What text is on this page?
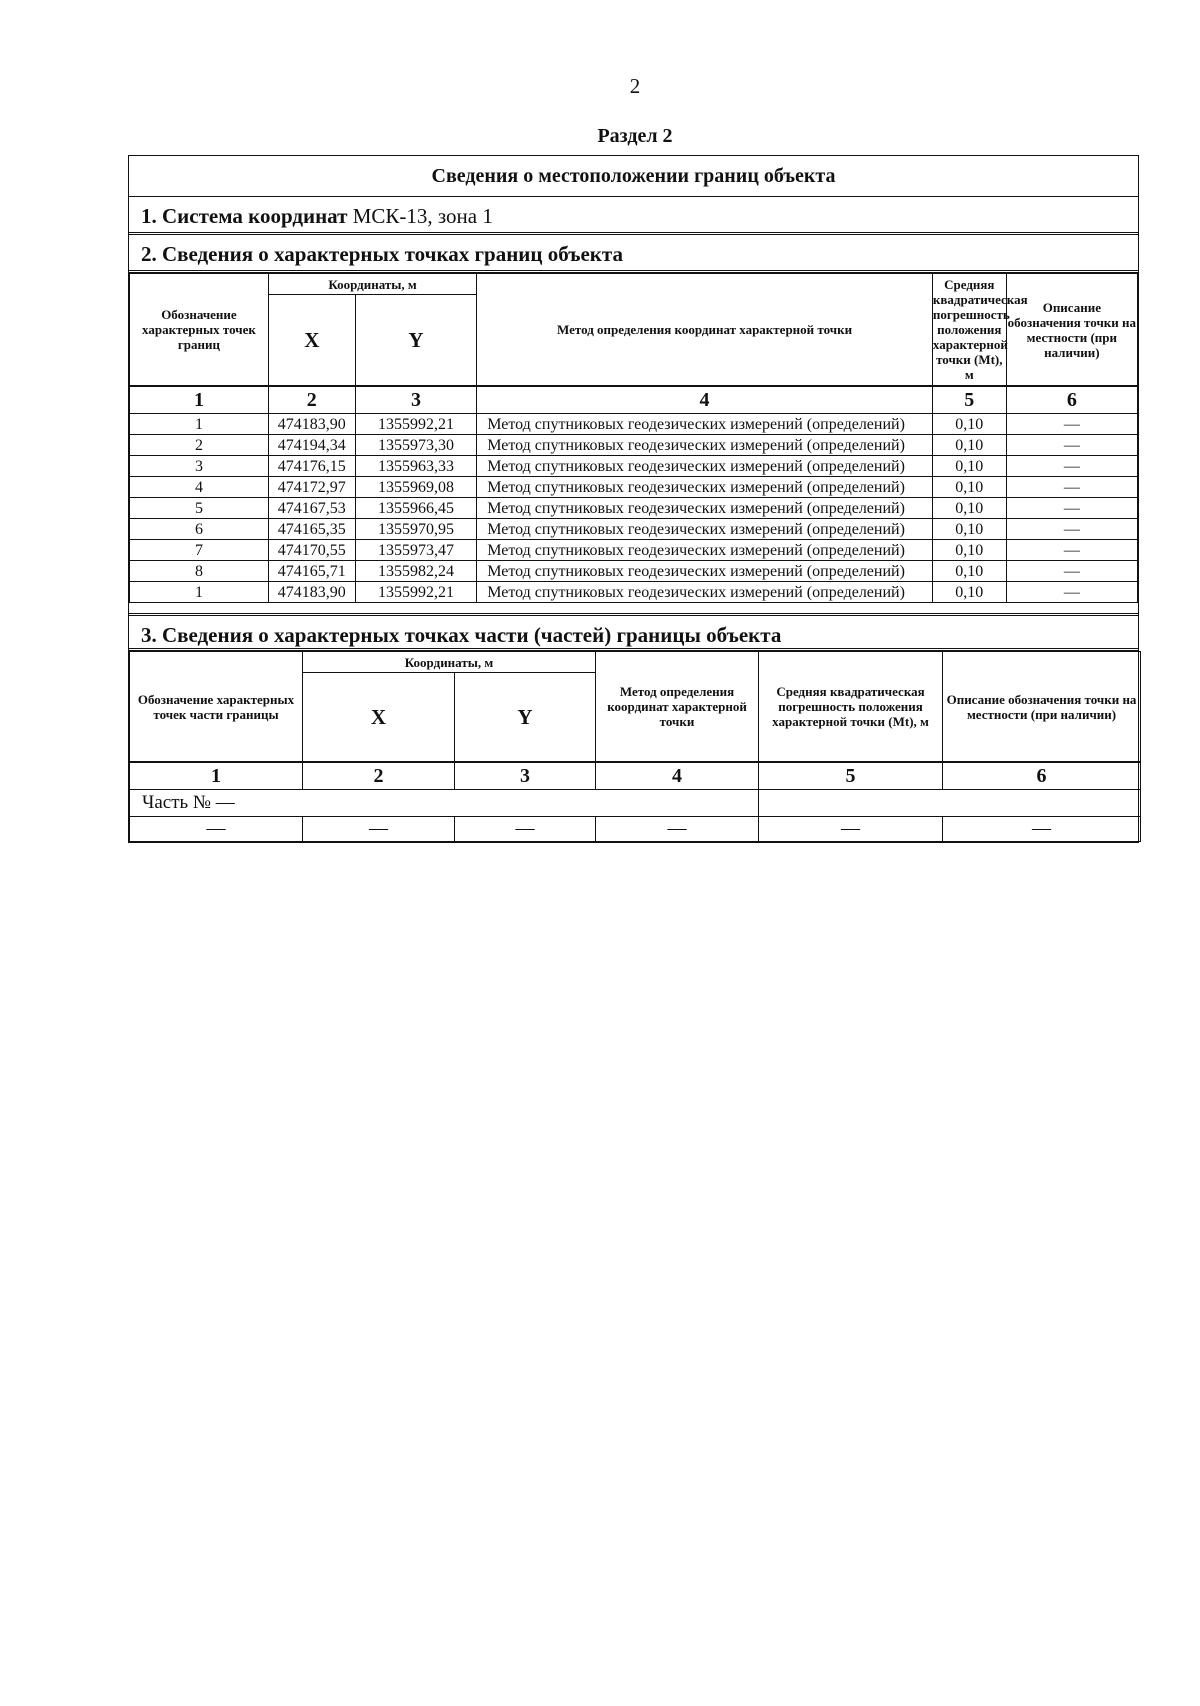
2
Раздел 2
Сведения о местоположении границ объекта
1. Система координат МСК-13, зона 1
2. Сведения о характерных точках границ объекта
Обозначение характерных точек границ	Координаты, м		Метод определения координат характерной точки	Средняя квадратическая погрешность положения характерной точки (Mt), м	Описание обозначения точки на местности (при наличии)
	X	Y			
1	2	3	4	5	6
1	474183,90	1355992,21	Метод спутниковых геодезических измерений (определений)	0,10	—
2	474194,34	1355973,30	Метод спутниковых геодезических измерений (определений)	0,10	—
3	474176,15	1355963,33	Метод спутниковых геодезических измерений (определений)	0,10	—
4	474172,97	1355969,08	Метод спутниковых геодезических измерений (определений)	0,10	—
5	474167,53	1355966,45	Метод спутниковых геодезических измерений (определений)	0,10	—
6	474165,35	1355970,95	Метод спутниковых геодезических измерений (определений)	0,10	—
7	474170,55	1355973,47	Метод спутниковых геодезических измерений (определений)	0,10	—
8	474165,71	1355982,24	Метод спутниковых геодезических измерений (определений)	0,10	—
1	474183,90	1355992,21	Метод спутниковых геодезических измерений (определений)	0,10	—
3. Сведения о характерных точках части (частей) границы объекта
Обозначение характерных точек части границы	Координаты, м		Метод определения координат характерной точки	Средняя квадратическая погрешность положения характерной точки (Mt), м	Описание обозначения точки на местности (при наличии)
	X	Y			
1	2	3	4	5	6
Часть № —					
—	—	—	—	—	—
